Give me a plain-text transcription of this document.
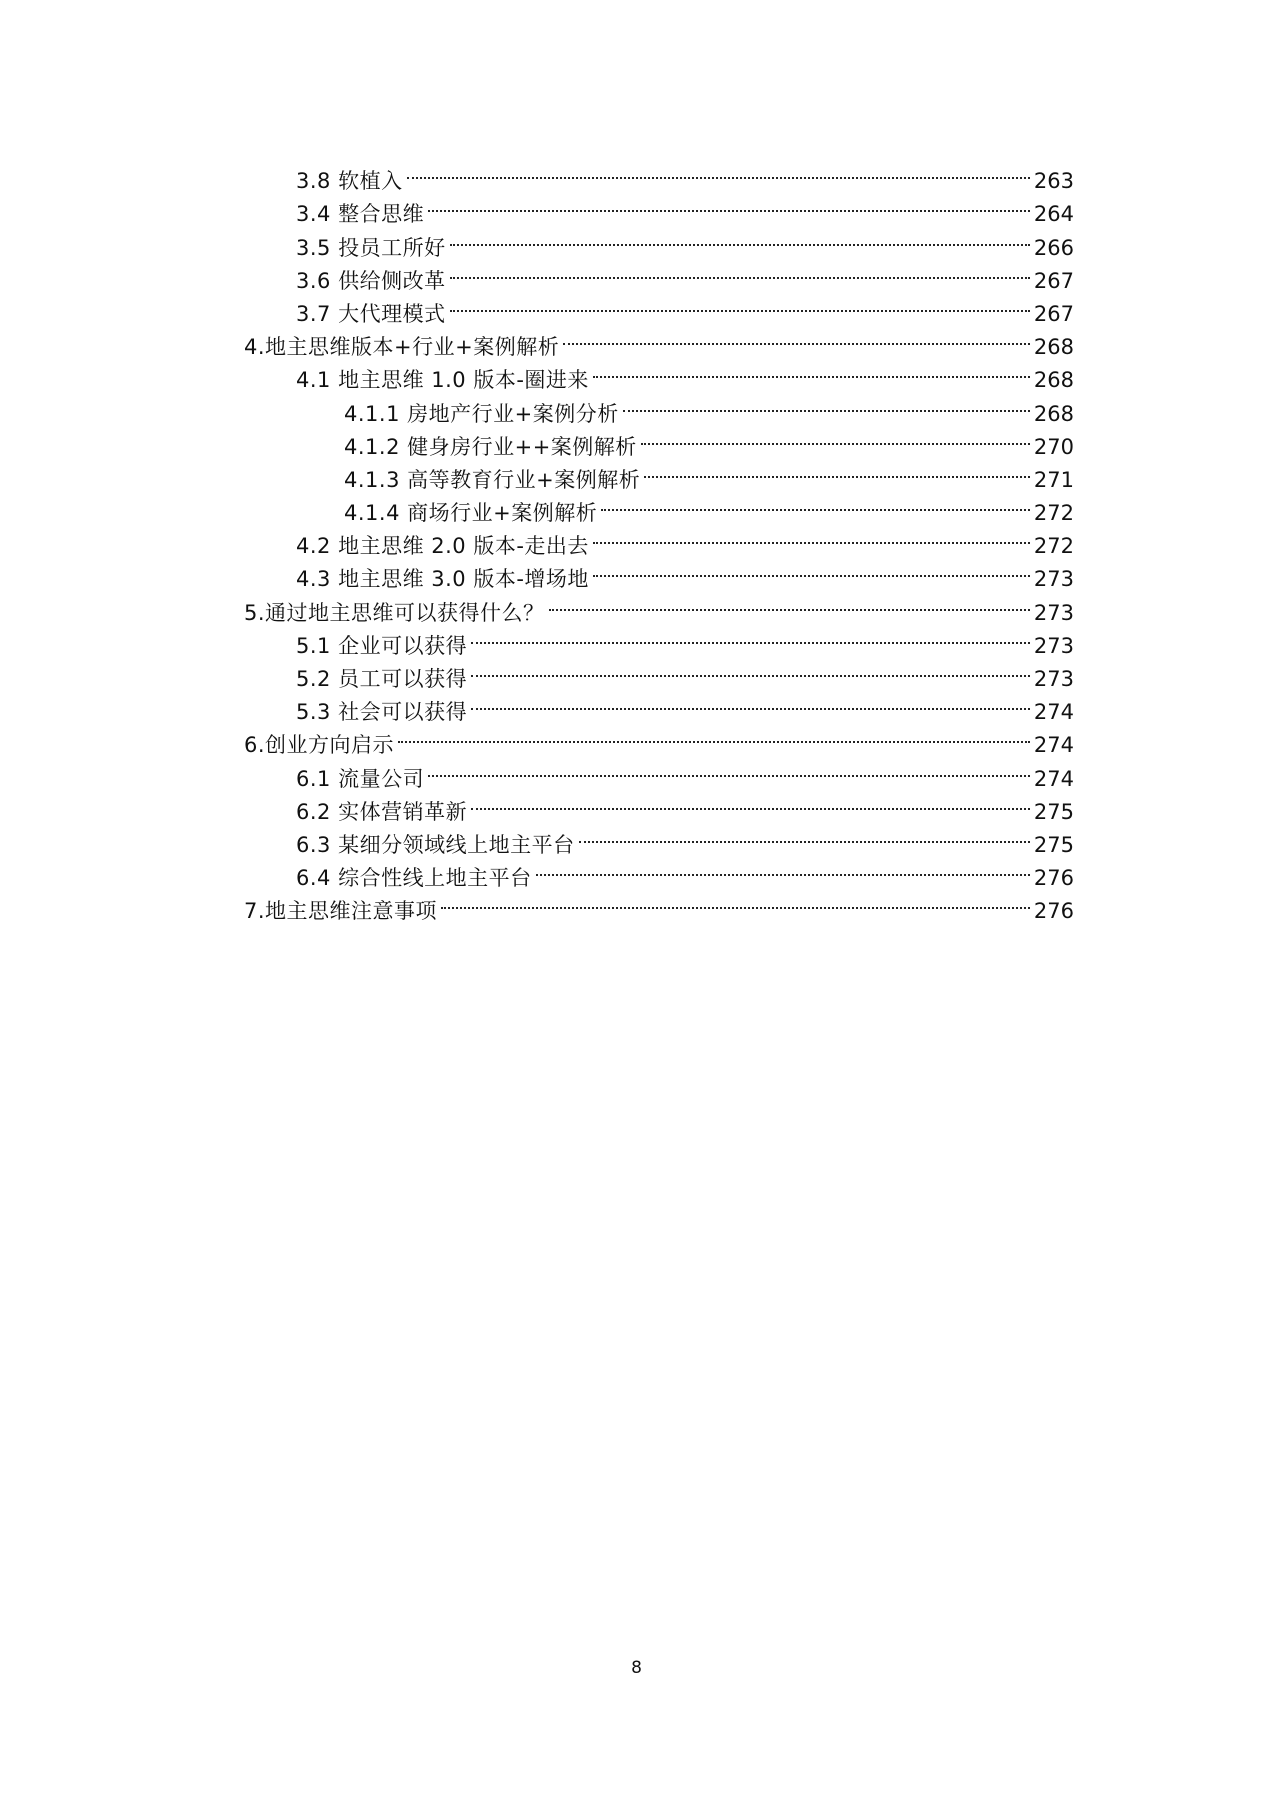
3.8 软植入	263
3.4 整合思维	264
3.5 投员工所好	266
3.6 供给侧改革	267
3.7 大代理模式	267
4.地主思维版本+行业+案例解析	268
4.1 地主思维 1.0 版本-圈进来	268
4.1.1 房地产行业+案例分析	268
4.1.2 健身房行业++案例解析	270
4.1.3 高等教育行业+案例解析	271
4.1.4 商场行业+案例解析	272
4.2 地主思维 2.0 版本-走出去	272
4.3 地主思维 3.0 版本-增场地	273
5.通过地主思维可以获得什么？	273
5.1 企业可以获得	273
5.2 员工可以获得	273
5.3 社会可以获得	274
6.创业方向启示	274
6.1 流量公司	274
6.2 实体营销革新	275
6.3 某细分领域线上地主平台	275
6.4 综合性线上地主平台	276
7.地主思维注意事项	276
8
